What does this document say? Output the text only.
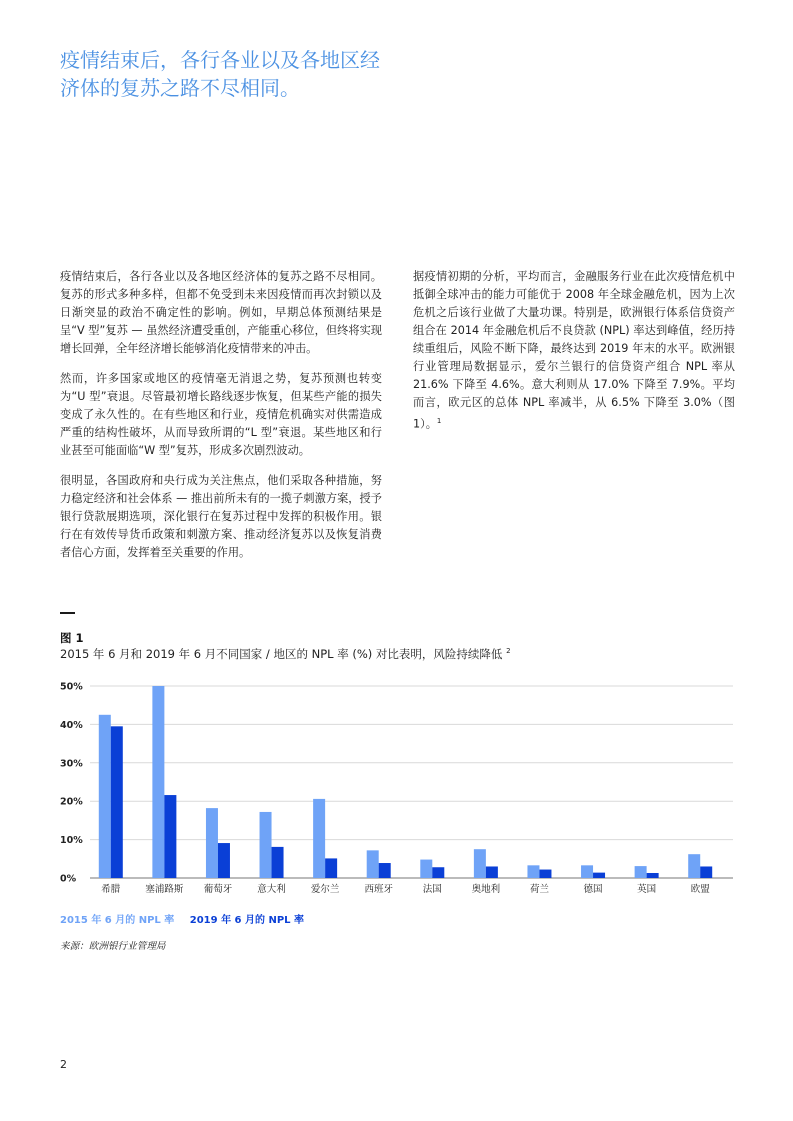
疫情结束后，各行各业以及各地区经济体的复苏之路不尽相同。

疫情结束后，各行各业以及各地区经济体的复苏之路不尽相同。复苏的形式多种多样，但都不免受到未来因疫情而再次封锁以及日渐突显的政治不确定性的影响。例如，早期总体预测结果是呈“V 型”复苏 — 虽然经济遭受重创，产能重心移位，但终将实现增长回弹，全年经济增长能够消化疫情带来的冲击。

然而，许多国家或地区的疫情毫无消退之势，复苏预测也转变为“U 型”衰退。尽管最初增长路线逐步恢复，但某些产能的损失变成了永久性的。在有些地区和行业，疫情危机确实对供需造成严重的结构性破坏，从而导致所谓的“L 型”衰退。某些地区和行业甚至可能面临“W 型”复苏，形成多次剧烈波动。

很明显，各国政府和央行成为关注焦点，他们采取各种措施，努力稳定经济和社会体系 — 推出前所未有的一揽子刺激方案，授予银行贷款展期选项，深化银行在复苏过程中发挥的积极作用。银行在有效传导货币政策和刺激方案、推动经济复苏以及恢复消费者信心方面，发挥着至关重要的作用。

据疫情初期的分析，平均而言，金融服务行业在此次疫情危机中抵御全球冲击的能力可能优于 2008 年全球金融危机，因为上次危机之后该行业做了大量功课。特别是，欧洲银行体系信贷资产组合在 2014 年金融危机后不良贷款 (NPL) 率达到峰值，经历持续重组后，风险不断下降，最终达到 2019 年末的水平。欧洲银行业管理局数据显示，爱尔兰银行的信贷资产组合 NPL 率从 21.6% 下降至 4.6%。意大利则从 17.0% 下降至 7.9%。平均而言，欧元区的总体 NPL 率减半，从 6.5% 下降至 3.0%（图 1）。$^1$

图 1
2015 年 6 月和 2019 年 6 月不同国家 / 地区的 NPL 率 (%) 对比表明，风险持续降低 $^2$
0%
10%
20%
30%
40%
50%
希腊	塞浦路斯 葡萄牙	意大利	爱尔兰	西班牙	法国	奥地利	荷兰	德国	英国	欧盟
2015 年 6 月的 NPL 率 2019 年 6 月的 NPL 率
来源：欧洲银行业管理局
2
